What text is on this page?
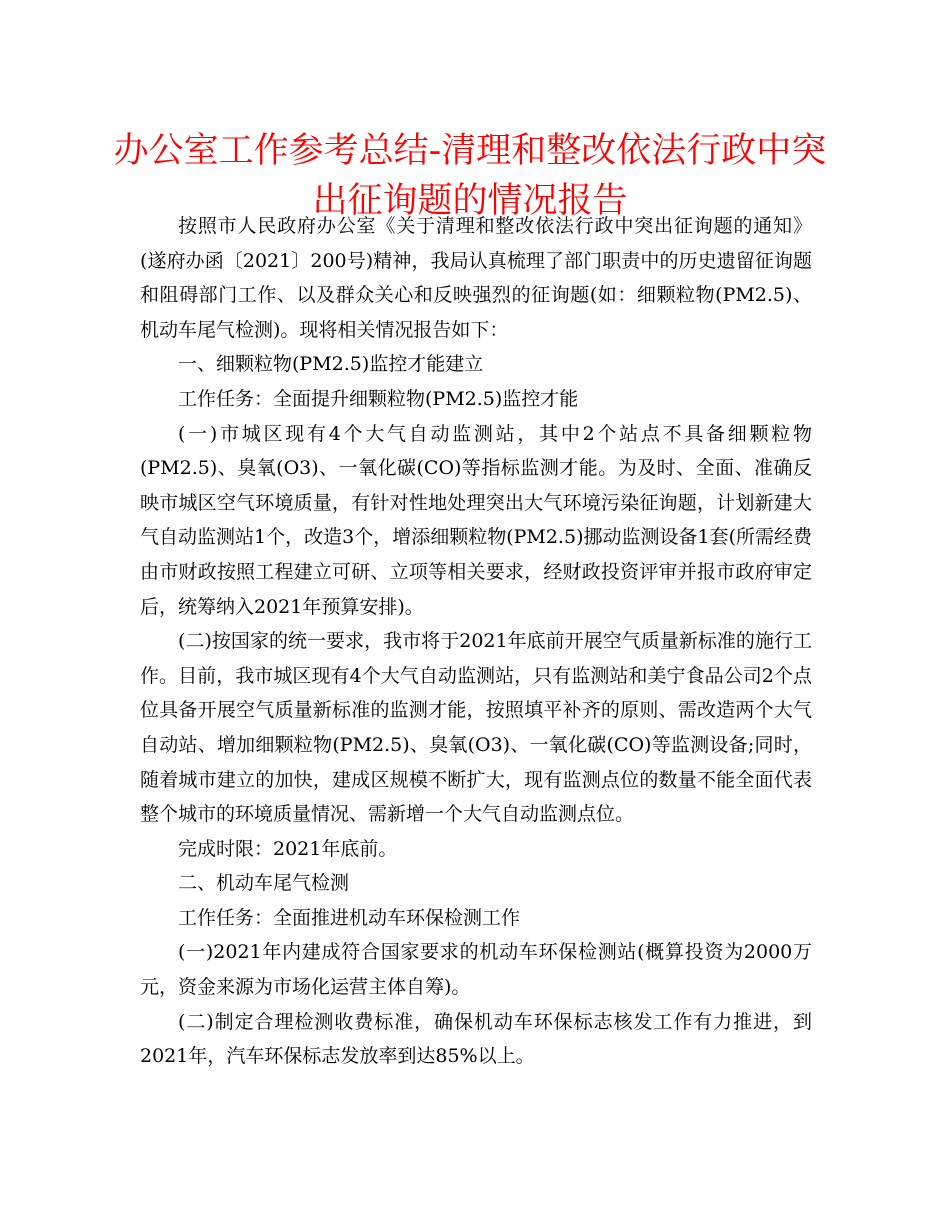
办公室工作参考总结-清理和整改依法行政中突出征询题的情况报告

按照市人民政府办公室《关于清理和整改依法行政中突出征询题的通知》(遂府办函〔2021〕200号)精神，我局认真梳理了部门职责中的历史遗留征询题和阻碍部门工作、以及群众关心和反映强烈的征询题(如：细颗粒物(PM2.5)、机动车尾气检测)。现将相关情况报告如下：

一、细颗粒物(PM2.5)监控才能建立

工作任务：全面提升细颗粒物(PM2.5)监控才能

(一)市城区现有4个大气自动监测站，其中2个站点不具备细颗粒物(PM2.5)、臭氧(O3)、一氧化碳(CO)等指标监测才能。为及时、全面、准确反映市城区空气环境质量，有针对性地处理突出大气环境污染征询题，计划新建大气自动监测站1个，改造3个，增添细颗粒物(PM2.5)挪动监测设备1套(所需经费由市财政按照工程建立可研、立项等相关要求，经财政投资评审并报市政府审定后，统筹纳入2021年预算安排)。

(二)按国家的统一要求，我市将于2021年底前开展空气质量新标准的施行工作。目前，我市城区现有4个大气自动监测站，只有监测站和美宁食品公司2个点位具备开展空气质量新标准的监测才能，按照填平补齐的原则、需改造两个大气自动站、增加细颗粒物(PM2.5)、臭氧(O3)、一氧化碳(CO)等监测设备;同时，随着城市建立的加快，建成区规模不断扩大，现有监测点位的数量不能全面代表整个城市的环境质量情况、需新增一个大气自动监测点位。

完成时限：2021年底前。

二、机动车尾气检测

工作任务：全面推进机动车环保检测工作

(一)2021年内建成符合国家要求的机动车环保检测站(概算投资为2000万元，资金来源为市场化运营主体自筹)。

(二)制定合理检测收费标准，确保机动车环保标志核发工作有力推进，到2021年，汽车环保标志发放率到达85%以上。
